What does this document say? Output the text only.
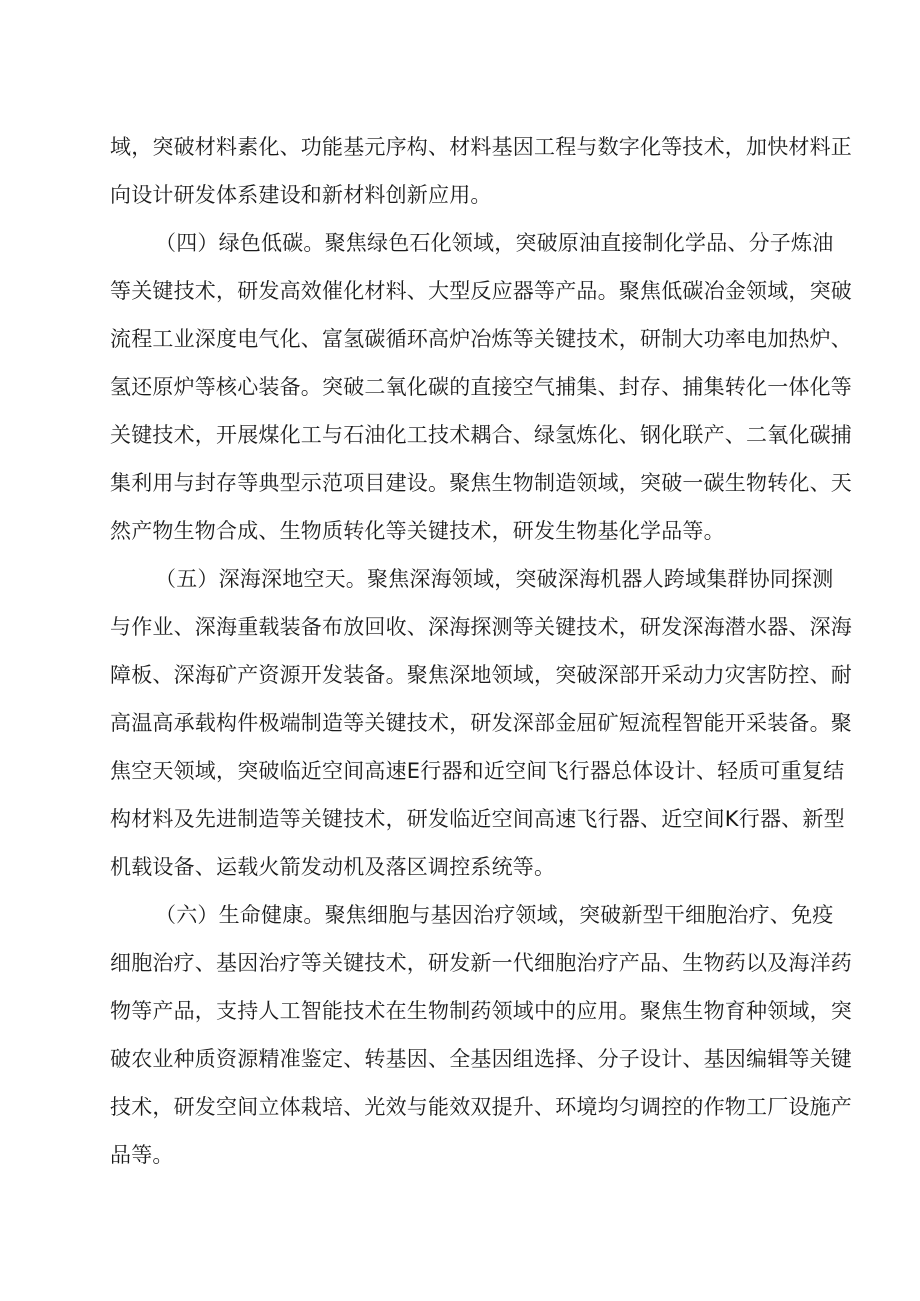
域，突破材料素化、功能基元序构、材料基因工程与数字化等技术，加快材料正
向设计研发体系建设和新材料创新应用。
（四）绿色低碳。聚焦绿色石化领域，突破原油直接制化学品、分子炼油
等关键技术，研发高效催化材料、大型反应器等产品。聚焦低碳冶金领域，突破
流程工业深度电气化、富氢碳循环高炉冶炼等关键技术，研制大功率电加热炉、
氢还原炉等核心装备。突破二氧化碳的直接空气捕集、封存、捕集转化一体化等
关键技术，开展煤化工与石油化工技术耦合、绿氢炼化、钢化联产、二氧化碳捕
集利用与封存等典型示范项目建设。聚焦生物制造领域，突破一碳生物转化、天
然产物生物合成、生物质转化等关键技术，研发生物基化学品等。
（五）深海深地空天。聚焦深海领域，突破深海机器人跨域集群协同探测
与作业、深海重载装备布放回收、深海探测等关键技术，研发深海潜水器、深海
障板、深海矿产资源开发装备。聚焦深地领域，突破深部开采动力灾害防控、耐
高温高承载构件极端制造等关键技术，研发深部金屈矿短流程智能开采装备。聚
焦空天领域，突破临近空间高速E行器和近空间飞行器总体设计、轻质可重复结
构材料及先进制造等关键技术，研发临近空间高速飞行器、近空间K行器、新型
机载设备、运载火箭发动机及落区调控系统等。
（六）生命健康。聚焦细胞与基因治疗领域，突破新型干细胞治疗、免疫
细胞治疗、基因治疗等关键技术，研发新一代细胞治疗产品、生物药以及海洋药
物等产品，支持人工智能技术在生物制药领域中的应用。聚焦生物育种领域，突
破农业种质资源精准鉴定、转基因、全基因组选择、分子设计、基因编辑等关键
技术，研发空间立体栽培、光效与能效双提升、环境均匀调控的作物工厂设施产
品等。
